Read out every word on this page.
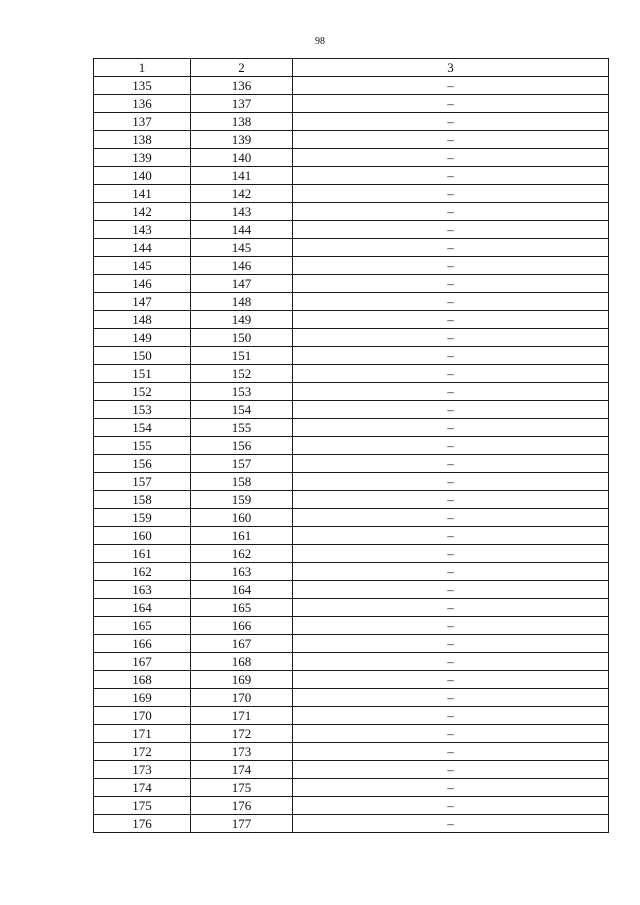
98
1	2	3
135	136	–
136	137	–
137	138	–
138	139	–
139	140	–
140	141	–
141	142	–
142	143	–
143	144	–
144	145	–
145	146	–
146	147	–
147	148	–
148	149	–
149	150	–
150	151	–
151	152	–
152	153	–
153	154	–
154	155	–
155	156	–
156	157	–
157	158	–
158	159	–
159	160	–
160	161	–
161	162	–
162	163	–
163	164	–
164	165	–
165	166	–
166	167	–
167	168	–
168	169	–
169	170	–
170	171	–
171	172	–
172	173	–
173	174	–
174	175	–
175	176	–
176	177	–
